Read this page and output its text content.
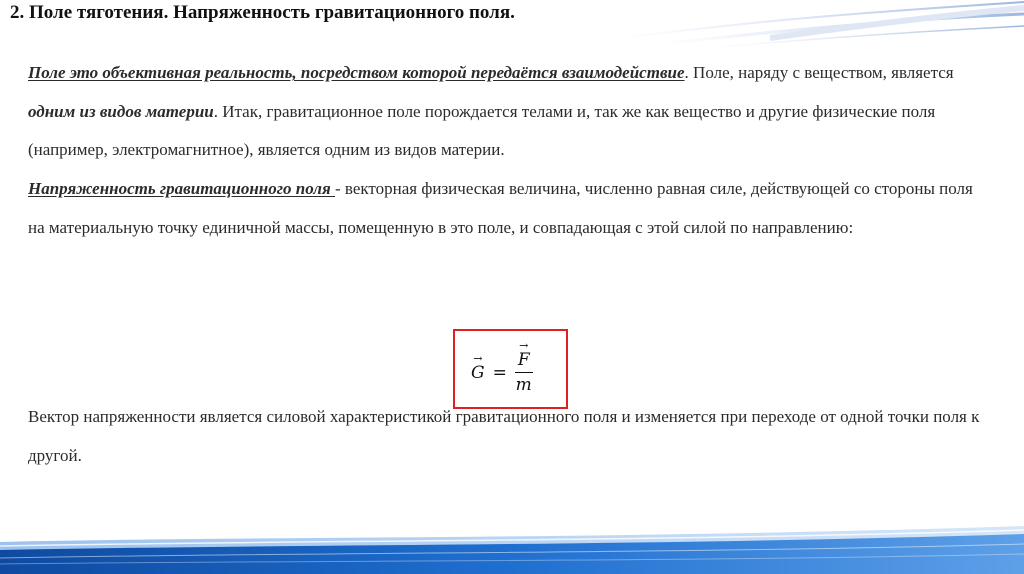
2. Поле тяготения. Напряженность гравитационного поля.

Поле это объективная реальность, посредством которой передаётся взаимодействие. Поле, наряду с веществом, является одним из видов материи. Итак, гравитационное поле порождается телами и, так же как вещество и другие физические поля (например, электромагнитное), является одним из видов материи.

Напряженность гравитационного поля - векторная физическая величина, численно равная силе, действующей со стороны поля на материальную точку единичной массы, помещенную в это поле, и совпадающая с этой силой по направлению:

→
G = →
F
m

Вектор напряженности является силовой характеристикой гравитационного поля и изменяется при переходе от одной точки поля к другой.
